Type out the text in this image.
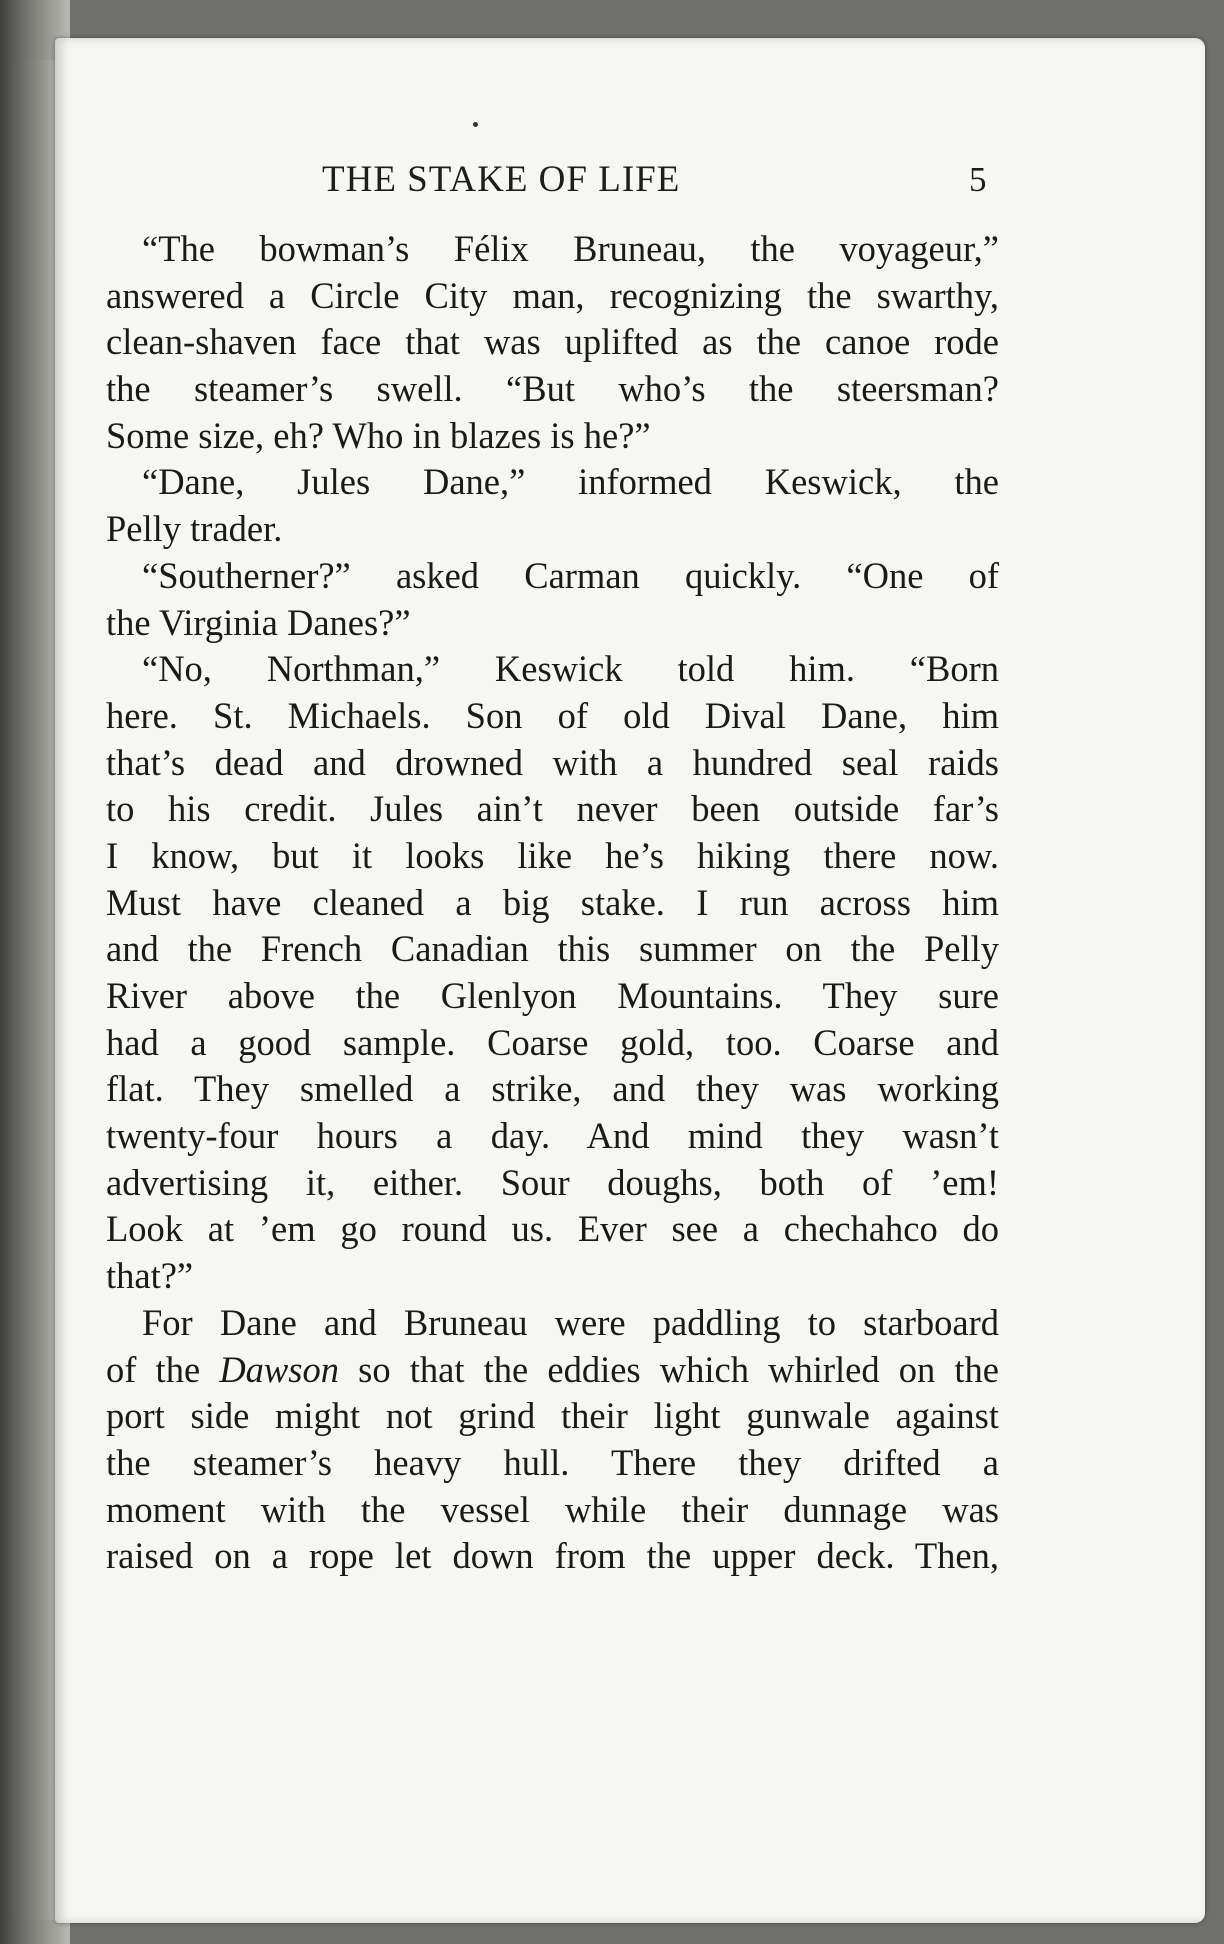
THE STAKE OF LIFE	5
“The bowman’s Félix Bruneau, the voyageur,”
answered a Circle City man, recognizing the swarthy,
clean-shaven face that was uplifted as the canoe rode
the steamer’s swell. “But who’s the steersman?
Some size, eh? Who in blazes is he?”
“Dane, Jules Dane,” informed Keswick, the
Pelly trader.
“Southerner?” asked Carman quickly. “One of
the Virginia Danes?”
“No, Northman,” Keswick told him. “Born
here. St. Michaels. Son of old Dival Dane, him
that’s dead and drowned with a hundred seal raids
to his credit. Jules ain’t never been outside far’s
I know, but it looks like he’s hiking there now.
Must have cleaned a big stake. I run across him
and the French Canadian this summer on the Pelly
River above the Glenlyon Mountains. They sure
had a good sample. Coarse gold, too. Coarse and
flat. They smelled a strike, and they was working
twenty-four hours a day. And mind they wasn’t
advertising it, either. Sour doughs, both of ’em!
Look at ’em go round us. Ever see a chechahco do
that?”
For Dane and Bruneau were paddling to starboard
of the Dawson so that the eddies which whirled on the
port side might not grind their light gunwale against
the steamer’s heavy hull. There they drifted a
moment with the vessel while their dunnage was
raised on a rope let down from the upper deck. Then,
